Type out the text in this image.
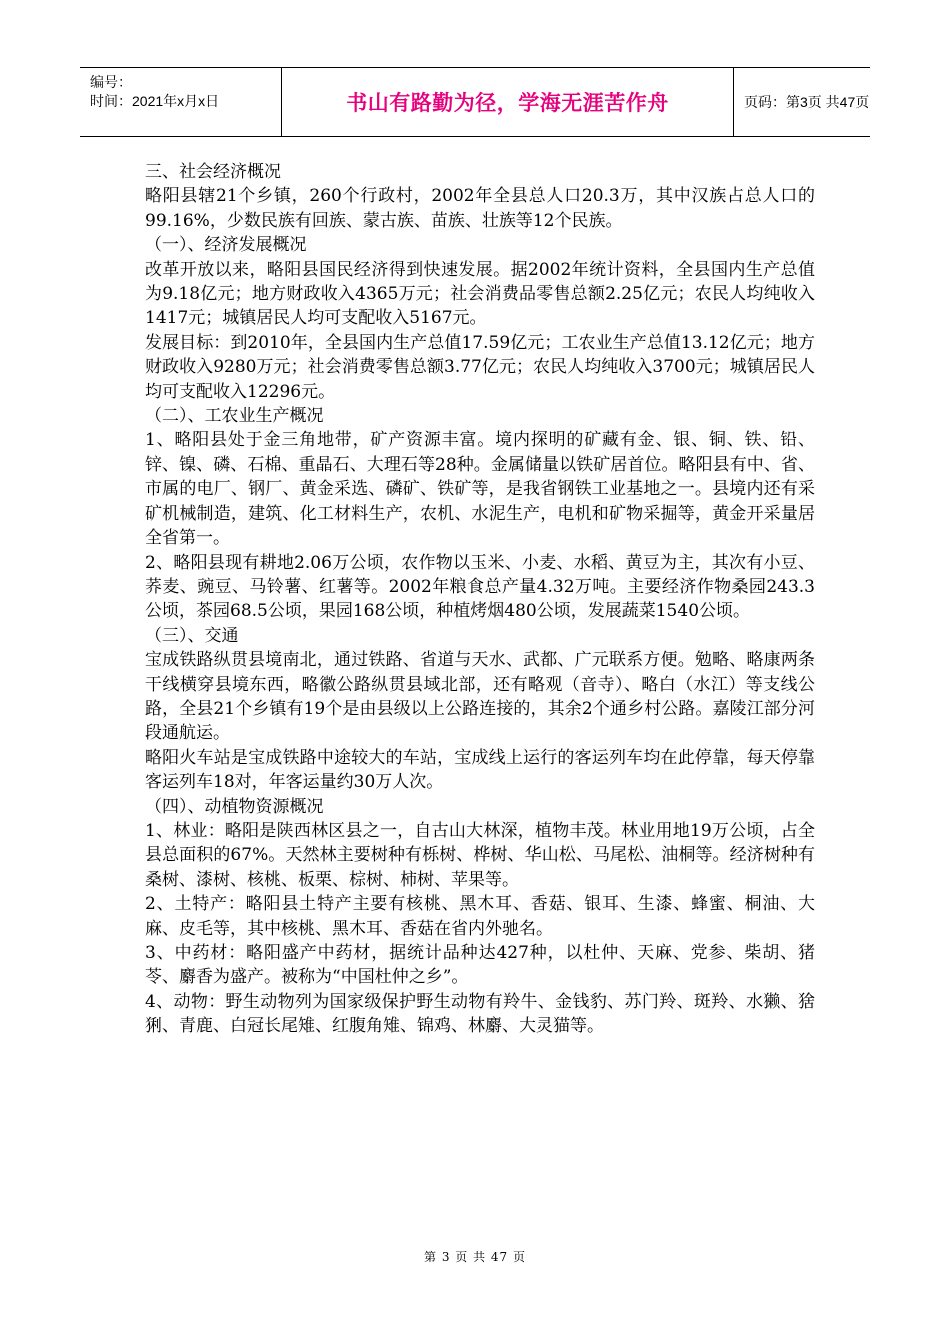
编号：
时间：2021年x月x日	书山有路勤为径，学海无涯苦作舟	页码：第3页 共47页

三、社会经济概况

略阳县辖21个乡镇，260个行政村，2002年全县总人口20.3万，其中汉族占总人口的99.16%，少数民族有回族、蒙古族、苗族、壮族等12个民族。

（一）、经济发展概况

改革开放以来，略阳县国民经济得到快速发展。据2002年统计资料，全县国内生产总值为9.18亿元；地方财政收入4365万元；社会消费品零售总额2.25亿元；农民人均纯收入1417元；城镇居民人均可支配收入5167元。

发展目标：到2010年，全县国内生产总值17.59亿元；工农业生产总值13.12亿元；地方财政收入9280万元；社会消费零售总额3.77亿元；农民人均纯收入3700元；城镇居民人均可支配收入12296元。

（二）、工农业生产概况

1、略阳县处于金三角地带，矿产资源丰富。境内探明的矿藏有金、银、铜、铁、铅、锌、镍、磷、石棉、重晶石、大理石等28种。金属储量以铁矿居首位。略阳县有中、省、市属的电厂、钢厂、黄金采选、磷矿、铁矿等，是我省钢铁工业基地之一。县境内还有采矿机械制造，建筑、化工材料生产，农机、水泥生产，电机和矿物采掘等，黄金开采量居全省第一。

2、略阳县现有耕地2.06万公顷，农作物以玉米、小麦、水稻、黄豆为主，其次有小豆、荞麦、豌豆、马铃薯、红薯等。2002年粮食总产量4.32万吨。主要经济作物桑园243.3公顷，茶园68.5公顷，果园168公顷，种植烤烟480公顷，发展蔬菜1540公顷。

（三）、交通

宝成铁路纵贯县境南北，通过铁路、省道与天水、武都、广元联系方便。勉略、略康两条干线横穿县境东西，略徽公路纵贯县域北部，还有略观（音寺）、略白（水江）等支线公路，全县21个乡镇有19个是由县级以上公路连接的，其余2个通乡村公路。嘉陵江部分河段通航运。

略阳火车站是宝成铁路中途较大的车站，宝成线上运行的客运列车均在此停靠，每天停靠客运列车18对，年客运量约30万人次。

（四）、动植物资源概况

1、林业：略阳是陕西林区县之一，自古山大林深，植物丰茂。林业用地19万公顷，占全县总面积的67%。天然林主要树种有栎树、桦树、华山松、马尾松、油桐等。经济树种有桑树、漆树、核桃、板栗、棕树、柿树、苹果等。

2、土特产：略阳县土特产主要有核桃、黑木耳、香菇、银耳、生漆、蜂蜜、桐油、大麻、皮毛等，其中核桃、黑木耳、香菇在省内外驰名。

3、中药材：略阳盛产中药材，据统计品种达427种，以杜仲、天麻、党参、柴胡、猪苓、麝香为盛产。被称为“中国杜仲之乡”。

4、动物：野生动物列为国家级保护野生动物有羚牛、金钱豹、苏门羚、斑羚、水獭、猞猁、青鹿、白冠长尾雉、红腹角雉、锦鸡、林麝、大灵猫等。

第 3 页 共 47 页
